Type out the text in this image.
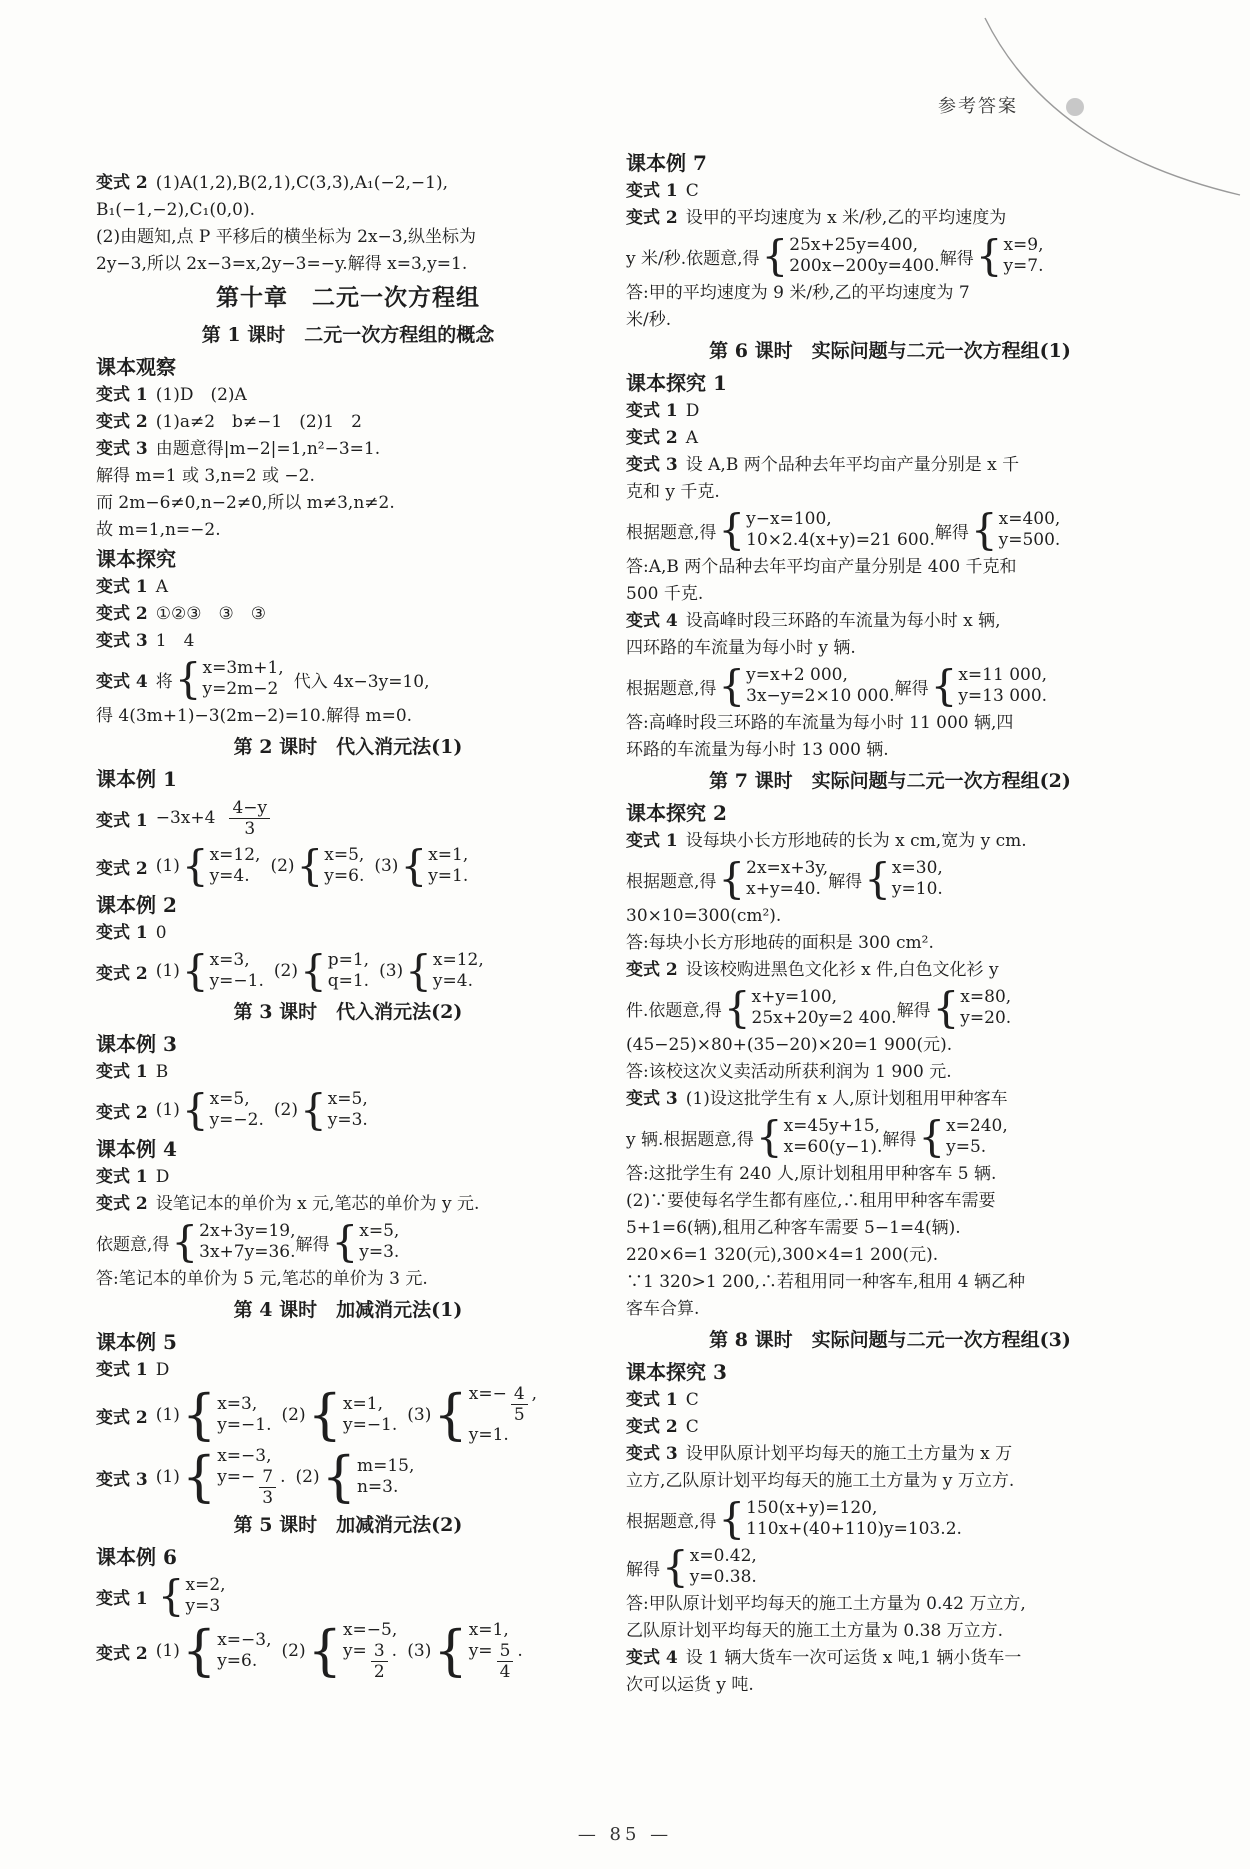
参考答案
变式 2 (1)A(1,2),B(2,1),C(3,3),A₁(−2,−1),
B₁(−1,−2),C₁(0,0).
(2)由题知,点 P 平移后的横坐标为 2x−3,纵坐标为
2y−3,所以 2x−3=x,2y−3=−y.解得 x=3,y=1.
第十章　二元一次方程组
第 1 课时　二元一次方程组的概念
课本观察
变式 1 (1)D　(2)A
变式 2 (1)a≠2　b≠−1　(2)1　2
变式 3 由题意得|m−2|=1,n²−3=1.
解得 m=1 或 3,n=2 或 −2.
而 2m−6≠0,n−2≠0,所以 m≠3,n≠2.
故 m=1,n=−2.
课本探究
变式 1 A
变式 2 ①②③　③　③
变式 3 1　4
变式 4 将 { x=3m+1,
y=2m−2 代入 4x−3y=10,
得 4(3m+1)−3(2m−2)=10.解得 m=0.
第 2 课时　代入消元法(1)
课本例 1
变式 $1 -3x+4 \frac{4-y}{3}$
变式 2 (1) { x=12,
y=4.	(2) { x=5,
y=6. (3) { x=1,
y=1.
课本例 2
变式 1 0
变式 2 (1) { x=3,
y=−1. (2) { p=1,
q=1. (3) { x=12,
y=4.
第 3 课时　代入消元法(2)
课本例 3
变式 1 B
变式 2 (1) { x=5,
y=−2. (2) { x=5,
y=3.
课本例 4
变式 1 D
变式 2 设笔记本的单价为 x 元,笔芯的单价为 y 元.
依题意,得 { 2x+3y=19,
3x+7y=36. 解得 { x=5,
y=3.
答:笔记本的单价为 5 元,笔芯的单价为 3 元.
第 4 课时　加减消元法(1)
课本例 5
变式 1 D
变式 2 (1) { x=3,
y=−1. (2) { x=1,
y=−1. (3) { $x=- \frac{4}{5}$ ,
y=1.
变式 3 (1) { x=−3,
$y=- \frac{7}{3}$ . (2) { m=15,
n=3.
第 5 课时　加减消元法(2)
课本例 6
变式 1 { x=2,
y=3
变式 2 (1) { x=−3,
y=6.	(2) { x=−5,
$y= \frac{3}{2}$ . (3) { x=1,
$y= \frac{5}{4}$ .
课本例 7
变式 1 C
变式 2 设甲的平均速度为 x 米/秒,乙的平均速度为
y 米/秒.依题意,得 { 25x+25y=400,
200x−200y=400. 解得 { x=9,
y=7.
答:甲的平均速度为 9 米/秒,乙的平均速度为 7
米/秒.
第 6 课时　实际问题与二元一次方程组(1)
课本探究 1
变式 1 D
变式 2 A
变式 3 设 A,B 两个品种去年平均亩产量分别是 x 千
克和 y 千克.
根据题意,得 { y−x=100,
10×2.4(x+y)=21 600. 解得 { x=400,
y=500.
答:A,B 两个品种去年平均亩产量分别是 400 千克和
500 千克.
变式 4 设高峰时段三环路的车流量为每小时 x 辆,
四环路的车流量为每小时 y 辆.
根据题意,得 { y=x+2 000,
3x−y=2×10 000. 解得 { x=11 000,
y=13 000.
答:高峰时段三环路的车流量为每小时 11 000 辆,四
环路的车流量为每小时 13 000 辆.
第 7 课时　实际问题与二元一次方程组(2)
课本探究 2
变式 1 设每块小长方形地砖的长为 x cm,宽为 y cm.
根据题意,得 { 2x=x+3y,
x+y=40. 解得 { x=30,
y=10.
30×10=300(cm²).
答:每块小长方形地砖的面积是 300 cm².
变式 2 设该校购进黑色文化衫 x 件,白色文化衫 y
件.依题意,得 { x+y=100,
25x+20y=2 400. 解得 { x=80,
y=20.
(45−25)×80+(35−20)×20=1 900(元).
答:该校这次义卖活动所获利润为 1 900 元.
变式 3 (1)设这批学生有 x 人,原计划租用甲种客车
y 辆.根据题意,得 { x=45y+15,
x=60(y−1). 解得 { x=240,
y=5.
答:这批学生有 240 人,原计划租用甲种客车 5 辆.
(2)∵要使每名学生都有座位,∴租用甲种客车需要
5+1=6(辆),租用乙种客车需要 5−1=4(辆).
220×6=1 320(元),300×4=1 200(元).
∵1 320>1 200,∴若租用同一种客车,租用 4 辆乙种
客车合算.
第 8 课时　实际问题与二元一次方程组(3)
课本探究 3
变式 1 C
变式 2 C
变式 3 设甲队原计划平均每天的施工土方量为 x 万
立方,乙队原计划平均每天的施工土方量为 y 万立方.
根据题意,得 { 150(x+y)=120,
110x+(40+110)y=103.2.
解得 { x=0.42,
y=0.38.
答:甲队原计划平均每天的施工土方量为 0.42 万立方,
乙队原计划平均每天的施工土方量为 0.38 万立方.
变式 4 设 1 辆大货车一次可运货 x 吨,1 辆小货车一
次可以运货 y 吨.
— 85 —
